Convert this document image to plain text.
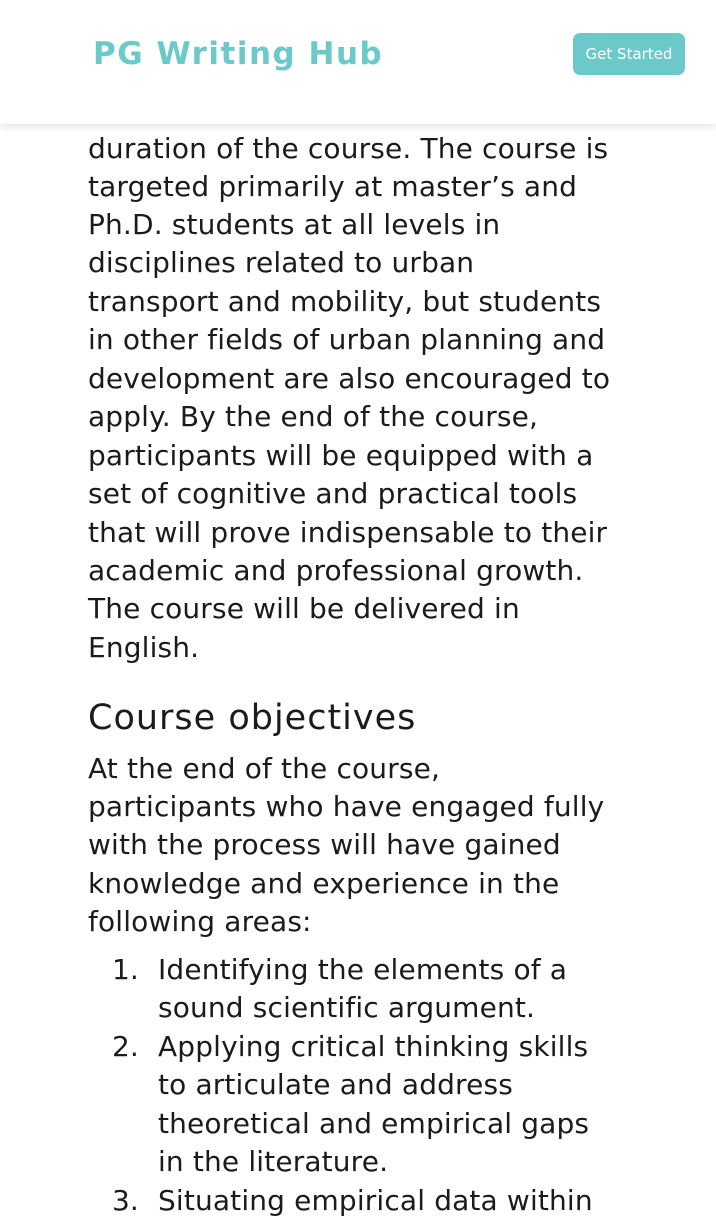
duration of the course. The course is
targeted primarily at master’s and
Ph.D. students at all levels in
disciplines related to urban
transport and mobility, but students
in other fields of urban planning and
development are also encouraged to
apply. By the end of the course,
participants will be equipped with a
set of cognitive and practical tools
that will prove indispensable to their
academic and professional growth.
The course will be delivered in
English.
Course objectives
At the end of the course,
participants who have engaged fully
with the process will have gained
knowledge and experience in the
following areas:
1. Identifying the elements of a
sound scientific argument.
2. Applying critical thinking skills
to articulate and address
theoretical and empirical gaps
in the literature.
3. Situating empirical data within
PG Writing Hub	Get Started
